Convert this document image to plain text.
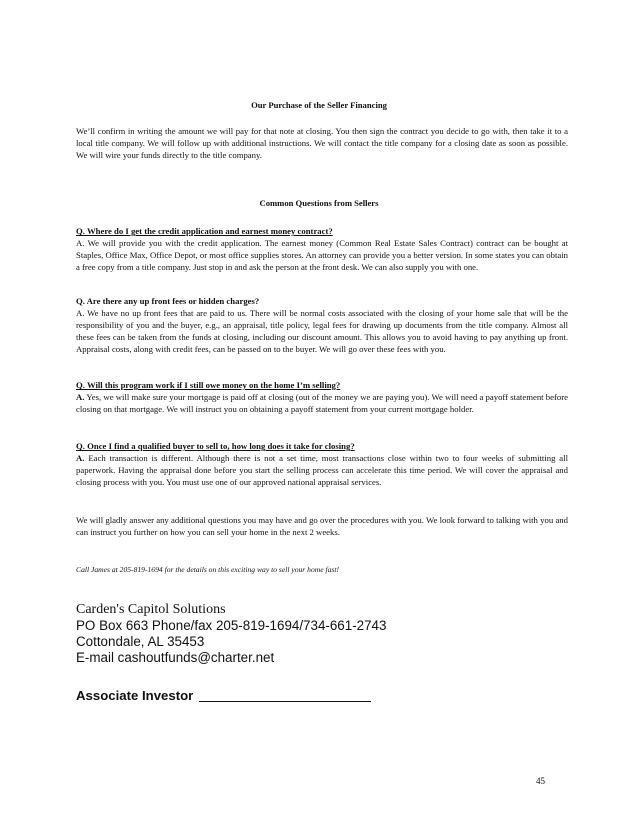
Our Purchase of the Seller Financing
We’ll confirm in writing the amount we will pay for that note at closing. You then sign the contract you decide to go with, then take it to a local title company. We will follow up with additional instructions. We will contact the title company for a closing date as soon as possible. We will wire your funds directly to the title company.
Common Questions from Sellers
Q. Where do I get the credit application and earnest money contract?
A. We will provide you with the credit application. The earnest money (Common Real Estate Sales Contract) contract can be bought at Staples, Office Max, Office Depot, or most office supplies stores. An attorney can provide you a better version. In some states you can obtain a free copy from a title company. Just stop in and ask the person at the front desk. We can also supply you with one.
Q. Are there any up front fees or hidden charges?
A. We have no up front fees that are paid to us. There will be normal costs associated with the closing of your home sale that will be the responsibility of you and the buyer, e.g., an appraisal, title policy, legal fees for drawing up documents from the title company. Almost all these fees can be taken from the funds at closing, including our discount amount. This allows you to avoid having to pay anything up front. Appraisal costs, along with credit fees, can be passed on to the buyer. We will go over these fees with you.
Q. Will this program work if I still owe money on the home I’m selling?
A. Yes, we will make sure your mortgage is paid off at closing (out of the money we are paying you). We will need a payoff statement before closing on that mortgage. We will instruct you on obtaining a payoff statement from your current mortgage holder.
Q. Once I find a qualified buyer to sell to, how long does it take for closing?
A. Each transaction is different. Although there is not a set time, most transactions close within two to four weeks of submitting all paperwork. Having the appraisal done before you start the selling process can accelerate this time period. We will cover the appraisal and closing process with you. You must use one of our approved national appraisal services.
We will gladly answer any additional questions you may have and go over the procedures with you. We look forward to talking with you and can instruct you further on how you can sell your home in the next 2 weeks.
Call James at 205-819-1694 for the details on this exciting way to sell your home fast!
Carden's Capitol Solutions
PO Box 663 Phone/fax 205-819-1694/734-661-2743
Cottondale, AL 35453
E-mail cashoutfunds@charter.net
Associate Investor
45
